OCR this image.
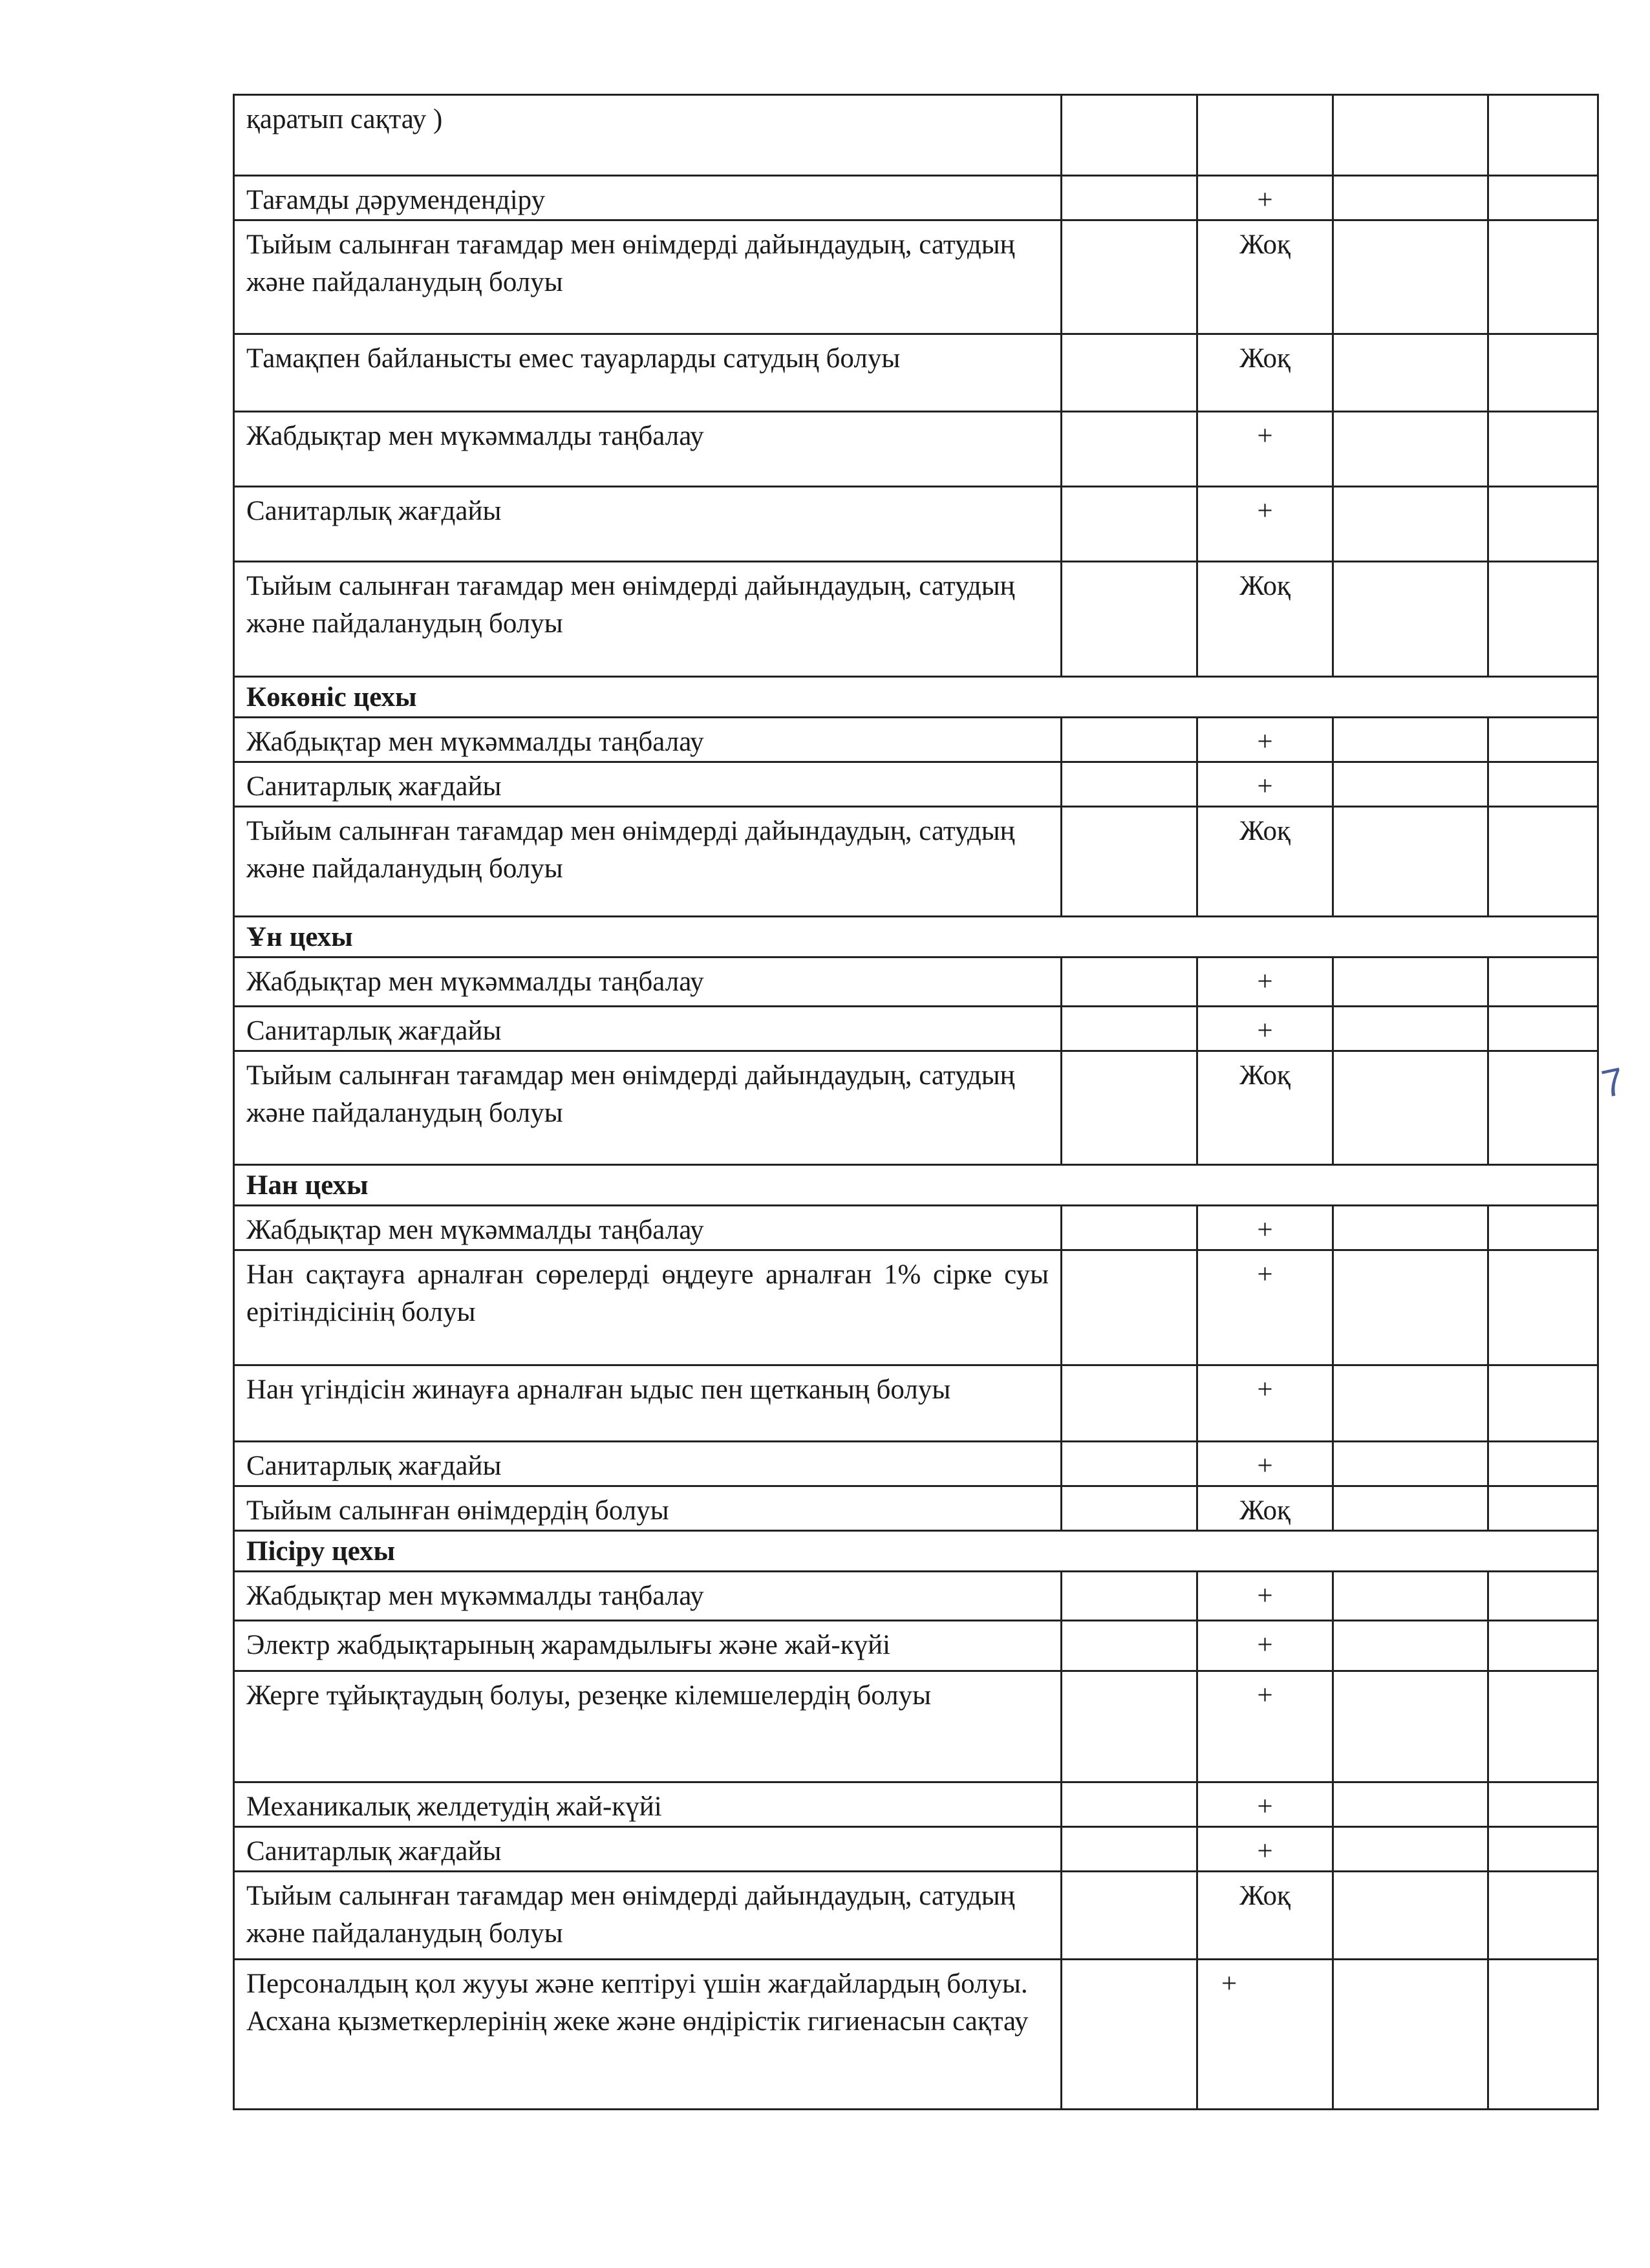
қаратып сақтау )				
Тағамды дәрумендендіру		+		
Тыйым салынған тағамдар мен өнімдерді дайындаудың, сатудың және пайдаланудың болуы		Жоқ		
Тамақпен байланысты емес тауарларды сатудың болуы		Жоқ		
Жабдықтар мен мүкәммалды таңбалау		+		
Санитарлық жағдайы		+		
Тыйым салынған тағамдар мен өнімдерді дайындаудың, сатудың және пайдаланудың болуы		Жоқ		
Көкөніс цехы				
Жабдықтар мен мүкәммалды таңбалау		+		
Санитарлық жағдайы		+		
Тыйым салынған тағамдар мен өнімдерді дайындаудың, сатудың және пайдаланудың болуы		Жоқ		
Ұн цехы				
Жабдықтар мен мүкәммалды таңбалау		+		
Санитарлық жағдайы		+		
Тыйым салынған тағамдар мен өнімдерді дайындаудың, сатудың және пайдаланудың болуы		Жоқ		
Нан цехы				
Жабдықтар мен мүкәммалды таңбалау		+		
Нан сақтауға арналған сөрелерді өңдеуге арналған 1% сірке суы ерітіндісінің болуы		+		
Нан үгіндісін жинауға арналған ыдыс пен щетканың болуы		+		
Санитарлық жағдайы		+		
Тыйым салынған өнімдердің болуы		Жоқ		
Пісіру цехы				
Жабдықтар мен мүкәммалды таңбалау		+		
Электр жабдықтарының жарамдылығы және жай-күйі		+		
Жерге тұйықтаудың болуы, резеңке кілемшелердің болуы		+		
Механикалық желдетудің жай-күйі		+		
Санитарлық жағдайы		+		
Тыйым салынған тағамдар мен өнімдерді дайындаудың, сатудың және пайдаланудың болуы		Жоқ		
Персоналдың қол жууы және кептіруі үшін жағдайлардың болуы. Асхана қызметкерлерінің жеке және өндірістік гигиенасын сақтау		+		
7
